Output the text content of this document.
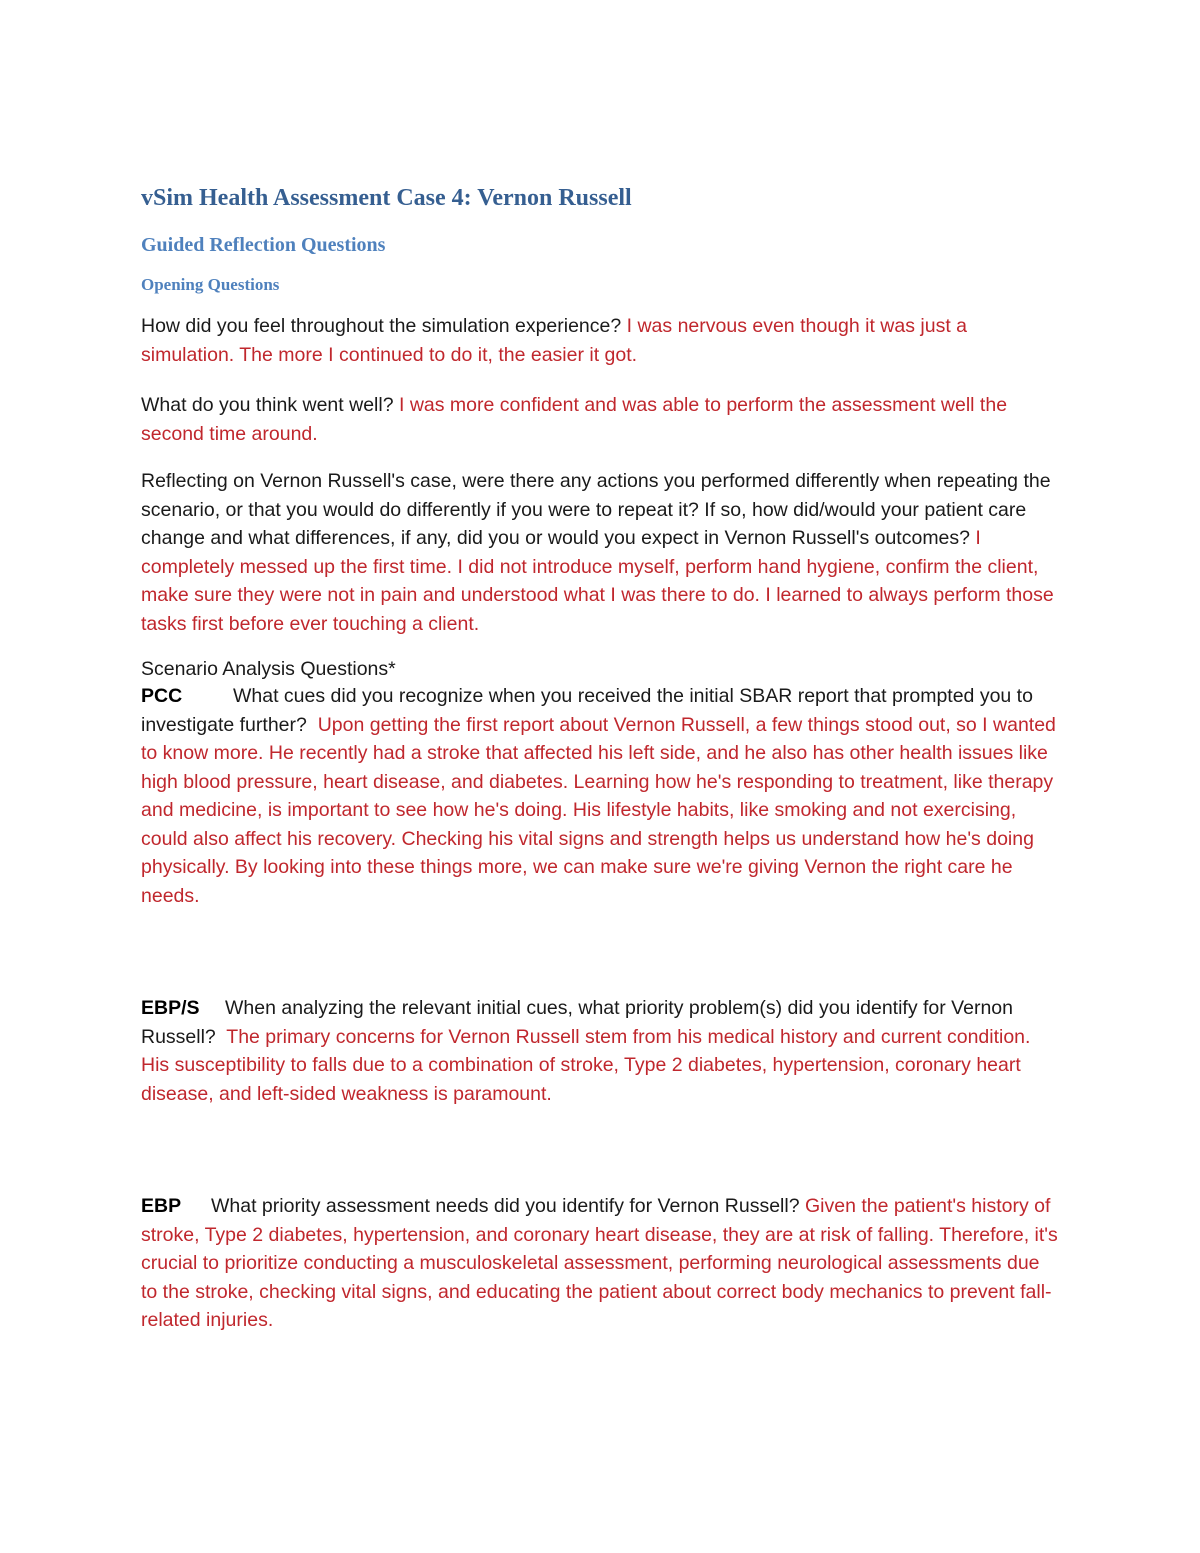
vSim Health Assessment Case 4: Vernon Russell
Guided Reflection Questions
Opening Questions

How did you feel throughout the simulation experience? I was nervous even though it was just a simulation. The more I continued to do it, the easier it got.

What do you think went well? I was more confident and was able to perform the assessment well the second time around.

Reflecting on Vernon Russell's case, were there any actions you performed differently when repeating the scenario, or that you would do differently if you were to repeat it? If so, how did/would your patient care change and what differences, if any, did you or would you expect in Vernon Russell's outcomes? I completely messed up the first time. I did not introduce myself, perform hand hygiene, confirm the client, make sure they were not in pain and understood what I was there to do. I learned to always perform those tasks first before ever touching a client.

Scenario Analysis Questions*

PCC	What cues did you recognize when you received the initial SBAR report that prompted you to investigate further? Upon getting the first report about Vernon Russell, a few things stood out, so I wanted to know more. He recently had a stroke that affected his left side, and he also has other health issues like high blood pressure, heart disease, and diabetes. Learning how he's responding to treatment, like therapy and medicine, is important to see how he's doing. His lifestyle habits, like smoking and not exercising, could also affect his recovery. Checking his vital signs and strength helps us understand how he's doing physically. By looking into these things more, we can make sure we're giving Vernon the right care he needs.

EBP/S When analyzing the relevant initial cues, what priority problem(s) did you identify for Vernon Russell? The primary concerns for Vernon Russell stem from his medical history and current condition. His susceptibility to falls due to a combination of stroke, Type 2 diabetes, hypertension, coronary heart disease, and left-sided weakness is paramount.

EBP What priority assessment needs did you identify for Vernon Russell? Given the patient's history of stroke, Type 2 diabetes, hypertension, and coronary heart disease, they are at risk of falling. Therefore, it's crucial to prioritize conducting a musculoskeletal assessment, performing neurological assessments due to the stroke, checking vital signs, and educating the patient about correct body mechanics to prevent fall-related injuries.
